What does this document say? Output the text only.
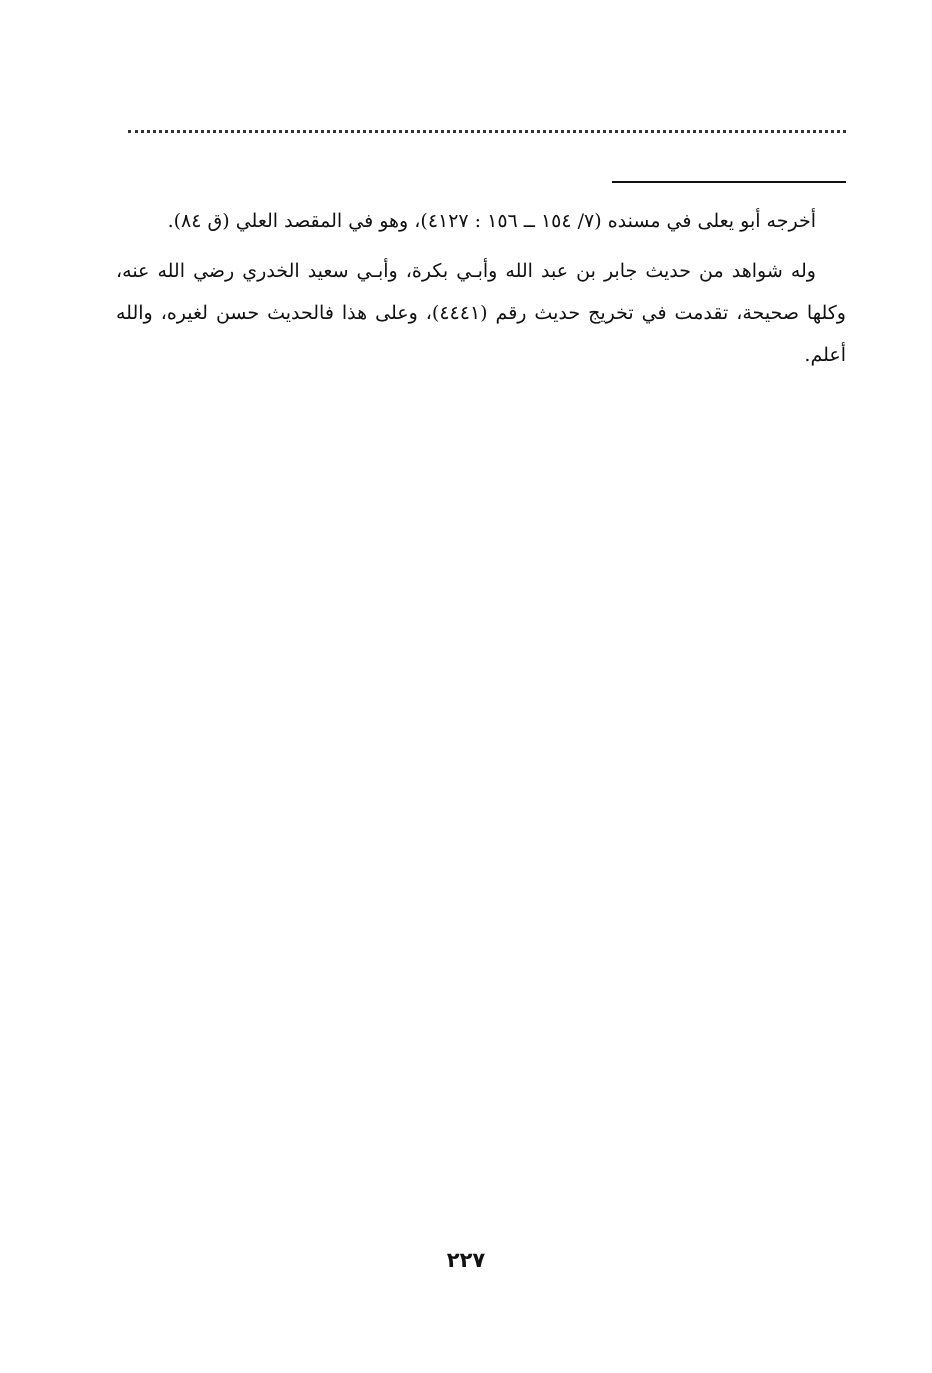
أخرجه أبو يعلى في مسنده (٧/ ١٥٤ ــ ١٥٦ : ٤١٢٧)، وهو في المقصد العلي (ق ٨٤).

وله شواهد من حديث جابر بن عبد الله وأبـي بكرة، وأبـي سعيد الخدري رضي الله عنه، وكلها صحيحة، تقدمت في تخريج حديث رقم (٤٤٤١)، وعلى هذا فالحديث حسن لغيره، والله أعلم.

٢٢٧
